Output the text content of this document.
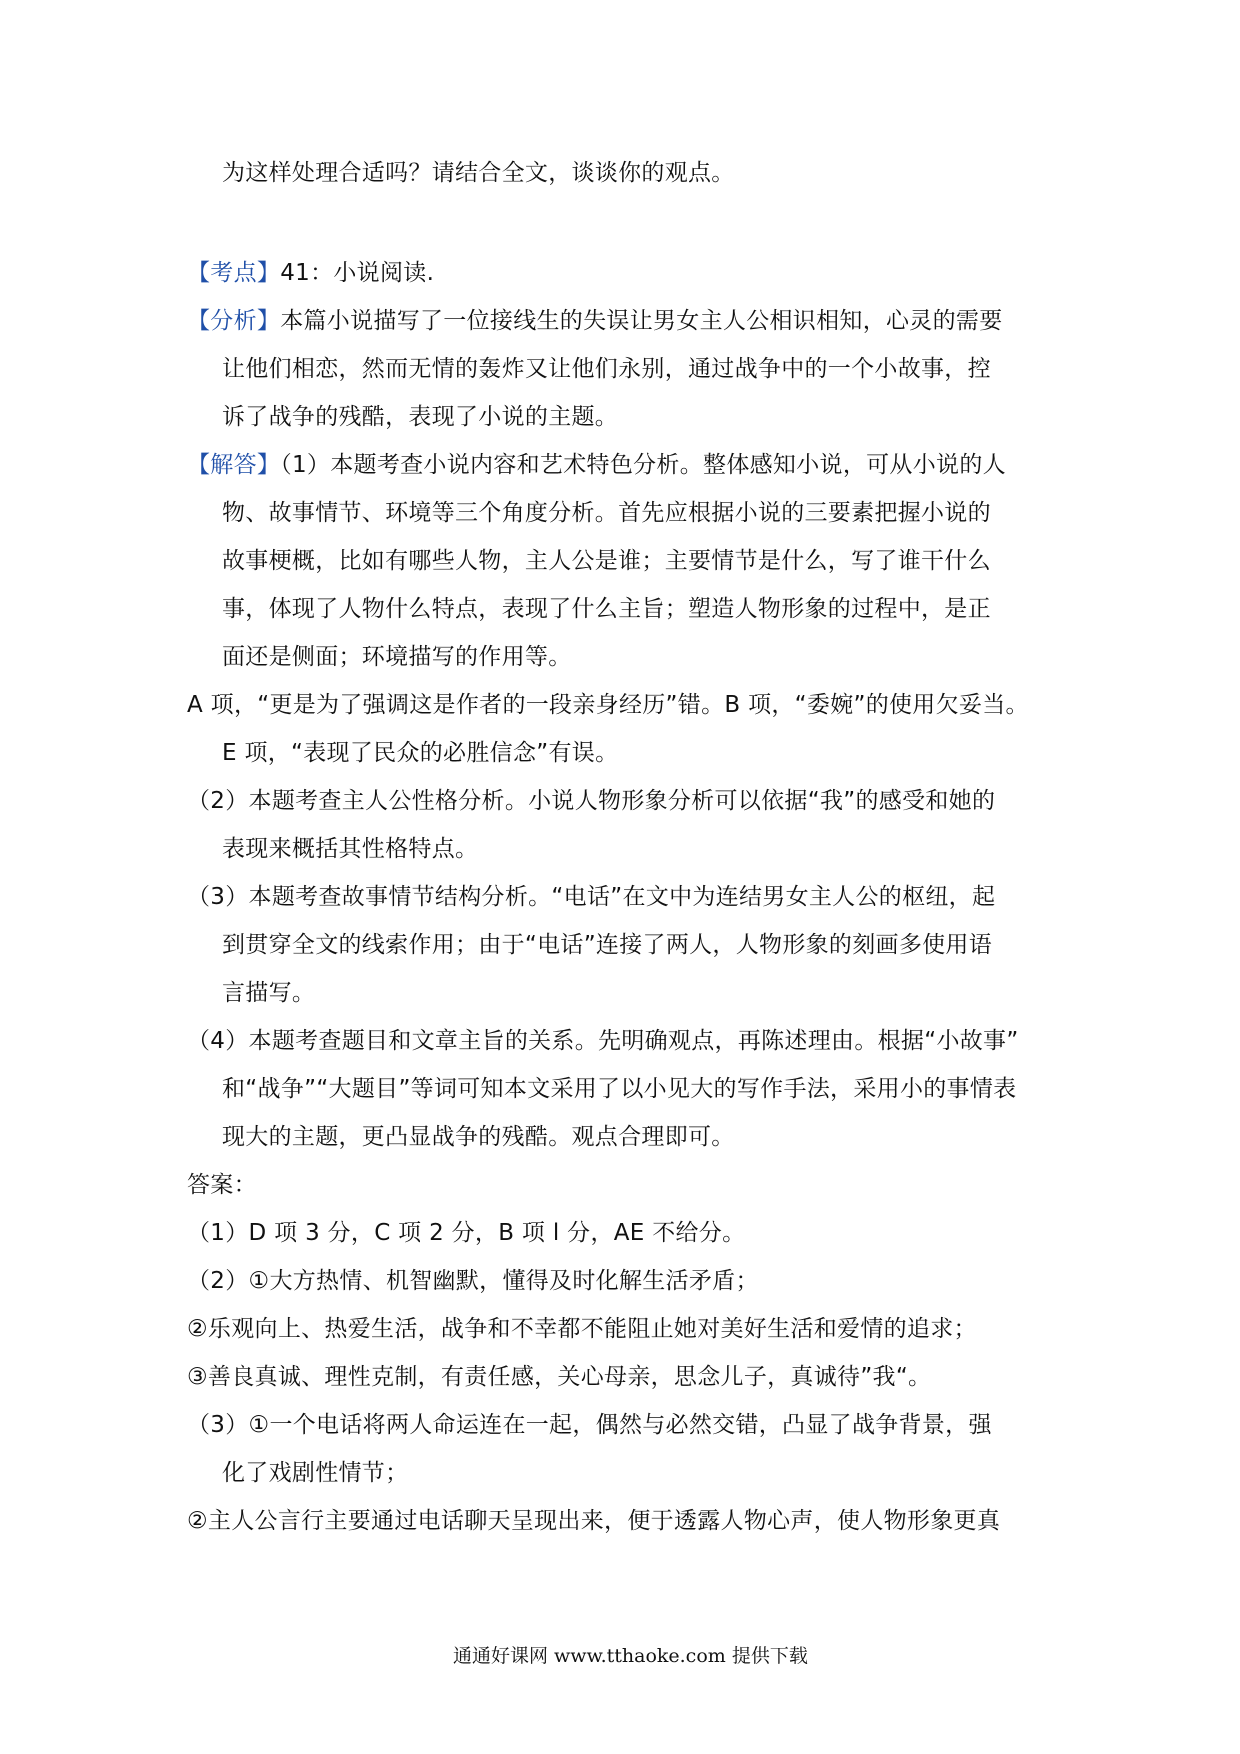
为这样处理合适吗？请结合全文，谈谈你的观点。
【考点】41：小说阅读.
【分析】本篇小说描写了一位接线生的失误让男女主人公相识相知，心灵的需要
让他们相恋，然而无情的轰炸又让他们永别，通过战争中的一个小故事，控
诉了战争的残酷，表现了小说的主题。
【解答】（1）本题考查小说内容和艺术特色分析。整体感知小说，可从小说的人
物、故事情节、环境等三个角度分析。首先应根据小说的三要素把握小说的
故事梗概，比如有哪些人物，主人公是谁；主要情节是什么，写了谁干什么
事，体现了人物什么特点，表现了什么主旨；塑造人物形象的过程中，是正
面还是侧面；环境描写的作用等。
A 项，“更是为了强调这是作者的一段亲身经历”错。B 项，“委婉”的使用欠妥当。
E 项，“表现了民众的必胜信念”有误。
（2）本题考查主人公性格分析。小说人物形象分析可以依据“我”的感受和她的
表现来概括其性格特点。
（3）本题考查故事情节结构分析。“电话”在文中为连结男女主人公的枢纽，起
到贯穿全文的线索作用；由于“电话”连接了两人，人物形象的刻画多使用语
言描写。
（4）本题考查题目和文章主旨的关系。先明确观点，再陈述理由。根据“小故事”
和“战争”“大题目”等词可知本文采用了以小见大的写作手法，采用小的事情表
现大的主题，更凸显战争的残酷。观点合理即可。
答案：
（1）D 项 3 分，C 项 2 分，B 项 l 分，AE 不给分。
（2）①大方热情、机智幽默，懂得及时化解生活矛盾；
②乐观向上、热爱生活，战争和不幸都不能阻止她对美好生活和爱情的追求；
③善良真诚、理性克制，有责任感，关心母亲，思念儿子，真诚待”我“。
（3）①一个电话将两人命运连在一起，偶然与必然交错，凸显了战争背景，强
化了戏剧性情节；
②主人公言行主要通过电话聊天呈现出来，便于透露人物心声，使人物形象更真
通通好课网 www.tthaoke.com 提供下载
